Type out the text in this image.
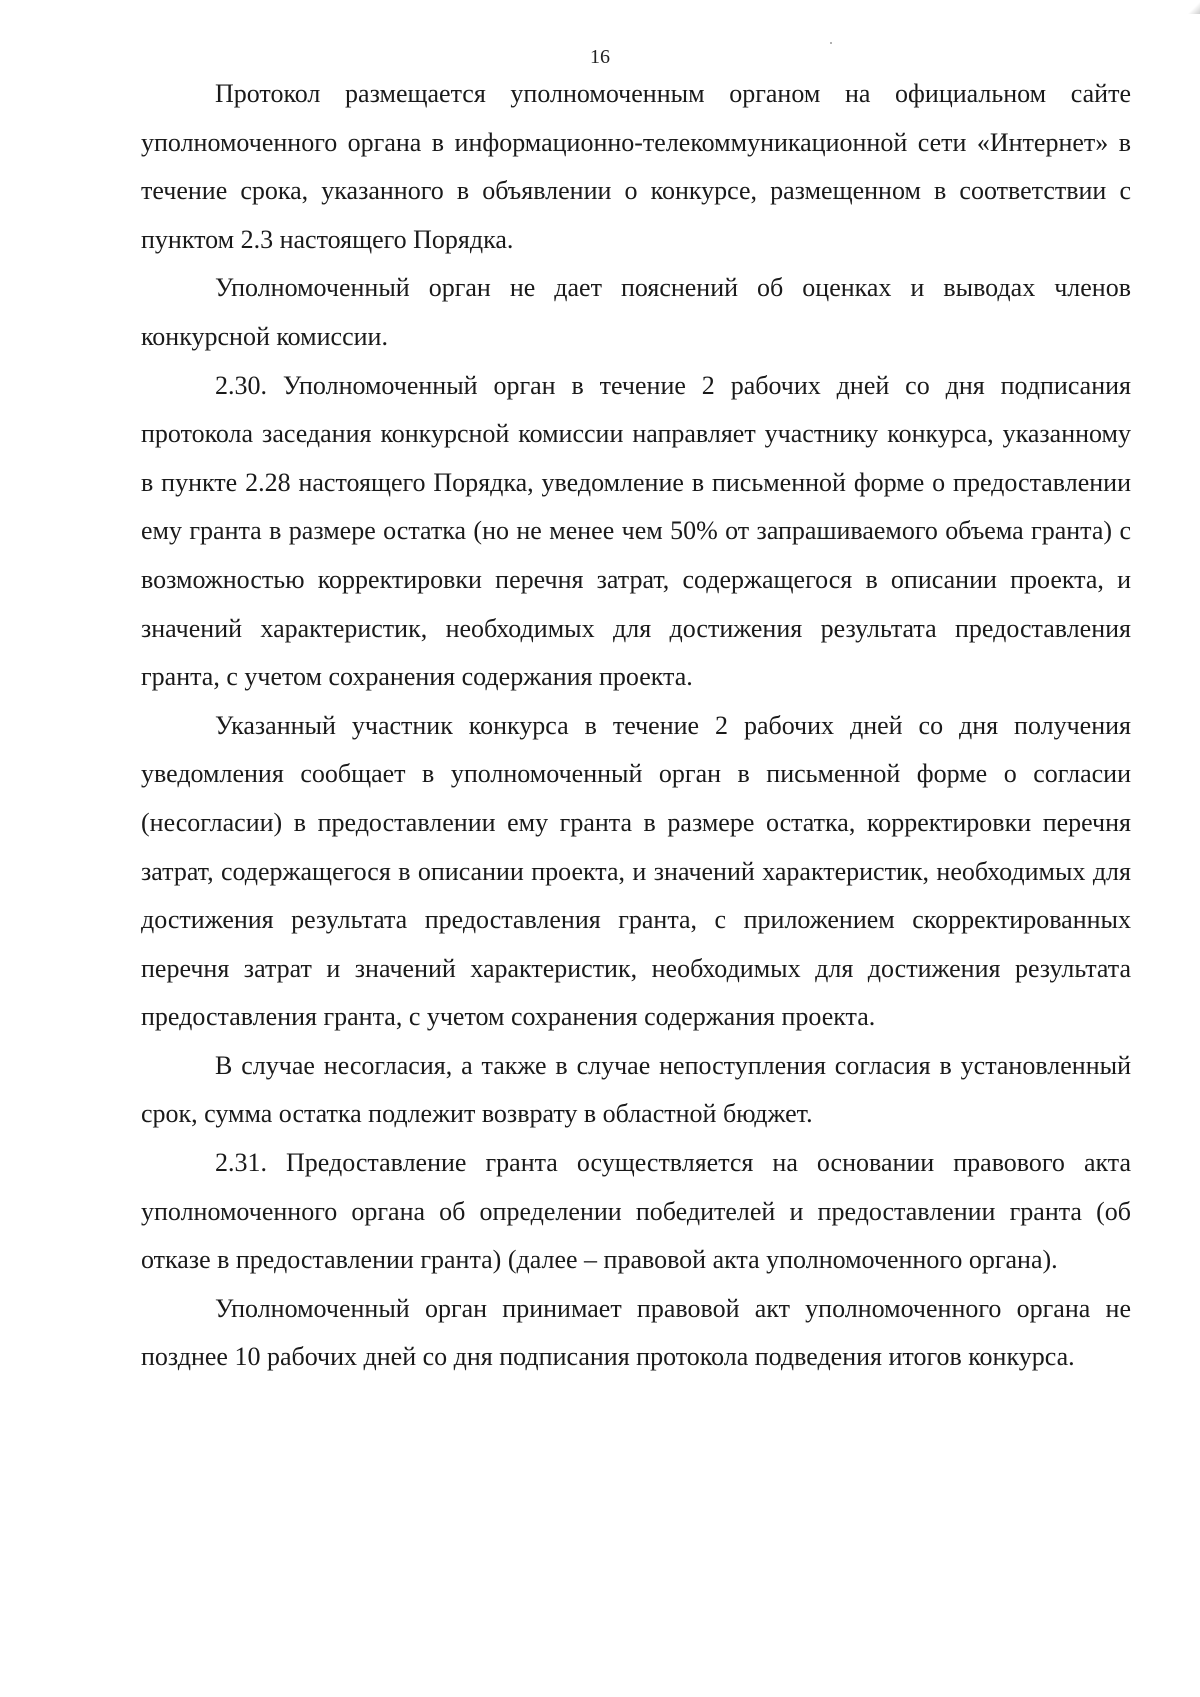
16

Протокол размещается уполномоченным органом на официальном сайте уполномоченного органа в информационно-телекоммуникационной сети «Интернет» в течение срока, указанного в объявлении о конкурсе, размещенном в соответствии с пунктом 2.3 настоящего Порядка.

Уполномоченный орган не дает пояснений об оценках и выводах членов конкурсной комиссии.

2.30. Уполномоченный орган в течение 2 рабочих дней со дня подписания протокола заседания конкурсной комиссии направляет участнику конкурса, указанному в пункте 2.28 настоящего Порядка, уведомление в письменной форме о предоставлении ему гранта в размере остатка (но не менее чем 50% от запрашиваемого объема гранта) с возможностью корректировки перечня затрат, содержащегося в описании проекта, и значений характеристик, необходимых для достижения результата предоставления гранта, с учетом сохранения содержания проекта.

Указанный участник конкурса в течение 2 рабочих дней со дня получения уведомления сообщает в уполномоченный орган в письменной форме о согласии (несогласии) в предоставлении ему гранта в размере остатка, корректировки перечня затрат, содержащегося в описании проекта, и значений характеристик, необходимых для достижения результата предоставления гранта, с приложением скорректированных перечня затрат и значений характеристик, необходимых для достижения результата предоставления гранта, с учетом сохранения содержания проекта.

В случае несогласия, а также в случае непоступления согласия в установленный срок, сумма остатка подлежит возврату в областной бюджет.

2.31. Предоставление гранта осуществляется на основании правового акта уполномоченного органа об определении победителей и предоставлении гранта (об отказе в предоставлении гранта) (далее – правовой акта уполномоченного органа).

Уполномоченный орган принимает правовой акт уполномоченного органа не позднее 10 рабочих дней со дня подписания протокола подведения итогов конкурса.
